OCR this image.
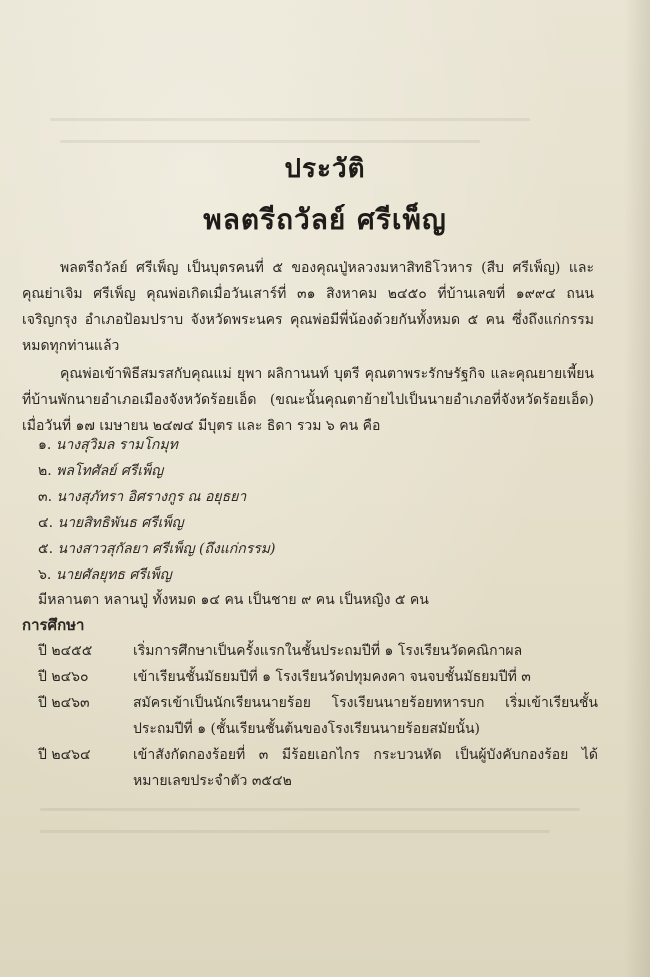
ประวัติ
พลตรีถวัลย์ ศรีเพ็ญ

พลตรีถวัลย์ ศรีเพ็ญ เป็นบุตรคนที่ ๕ ของคุณปู่หลวงมหาสิทธิโวหาร (สืบ ศรีเพ็ญ) และคุณย่าเจิม ศรีเพ็ญ คุณพ่อเกิดเมื่อวันเสาร์ที่ ๓๑ สิงหาคม ๒๔๕๐ ที่บ้านเลขที่ ๑๙๙๔ ถนนเจริญกรุง อำเภอป้อมปราบ จังหวัดพระนคร คุณพ่อมีพี่น้องด้วยกันทั้งหมด ๕ คน ซึ่งถึงแก่กรรมหมดทุกท่านแล้ว

คุณพ่อเข้าพิธีสมรสกับคุณแม่ ยุพา ผลิกานนท์ บุตรี คุณตาพระรักษรัฐกิจ และคุณยายเพี้ยน ที่บ้านพักนายอำเภอเมืองจังหวัดร้อยเอ็ด (ขณะนั้นคุณตาย้ายไปเป็นนายอำเภอที่จังหวัดร้อยเอ็ด) เมื่อวันที่ ๑๗ เมษายน ๒๔๗๔ มีบุตร และ ธิดา รวม ๖ คน คือ

๑. นางสุวิมล รามโกมุท
๒. พลโทศัลย์ ศรีเพ็ญ
๓. นางสุภัทรา อิศรางกูร ณ อยุธยา
๔. นายสิทธิพันธ ศรีเพ็ญ
๕. นางสาวสุกัลยา ศรีเพ็ญ (ถึงแก่กรรม)
๖. นายศัลยุทธ ศรีเพ็ญ

มีหลานตา หลานปู่ ทั้งหมด ๑๔ คน เป็นชาย ๙ คน เป็นหญิง ๕ คน

การศึกษา
ปี ๒๔๕๕	เริ่มการศึกษาเป็นครั้งแรกในชั้นประถมปีที่ ๑ โรงเรียนวัดคณิกาผล
ปี ๒๔๖๐	เข้าเรียนชั้นมัธยมปีที่ ๑ โรงเรียนวัดปทุมคงคา จนจบชั้นมัธยมปีที่ ๓
ปี ๒๔๖๓	สมัครเข้าเป็นนักเรียนนายร้อย โรงเรียนนายร้อยทหารบก เริ่มเข้าเรียนชั้นประถมปีที่ ๑ (ชั้นเรียนชั้นต้นของโรงเรียนนายร้อยสมัยนั้น)
ปี ๒๔๖๔	เข้าสังกัดกองร้อยที่ ๓ มีร้อยเอกไกร กระบวนหัด เป็นผู้บังคับกองร้อย ได้หมายเลขประจำตัว ๓๕๔๒
